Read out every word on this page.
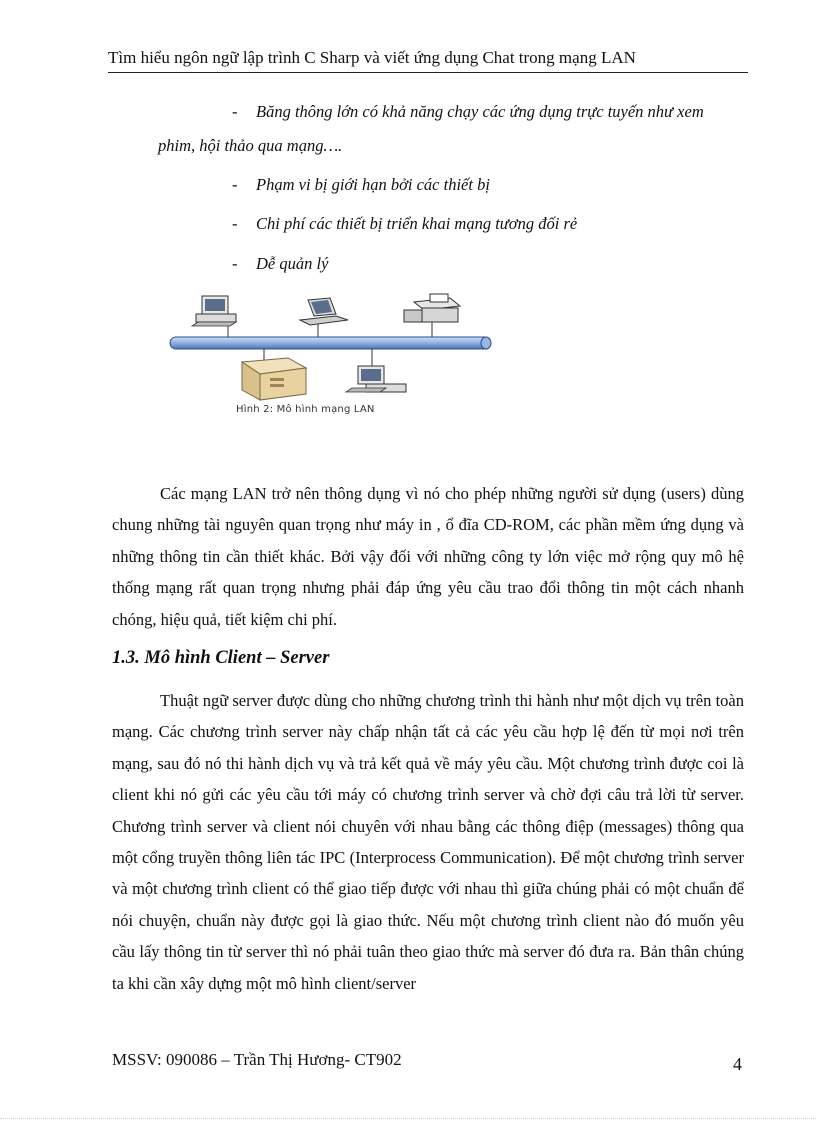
Tìm hiểu ngôn ngữ lập trình C Sharp và viết ứng dụng Chat trong mạng LAN
- Băng thông lớn có khả năng chạy các ứng dụng trực tuyến như xem
phim, hội thảo qua mạng….
- Phạm vi bị giới hạn bởi các thiết bị
- Chi phí các thiết bị triển khai mạng tương đối rẻ
- Dễ quản lý
Hình 2: Mô hình mạng LAN

Các mạng LAN trở nên thông dụng vì nó cho phép những người sử dụng (users) dùng chung những tài nguyên quan trọng như máy in , ổ đĩa CD-ROM, các phần mềm ứng dụng và những thông tin cần thiết khác. Bởi vậy đối với những công ty lớn việc mở rộng quy mô hệ thống mạng rất quan trọng nhưng phải đáp ứng yêu cầu trao đổi thông tin một cách nhanh chóng, hiệu quả, tiết kiệm chi phí.

1.3. Mô hình Client – Server

Thuật ngữ server được dùng cho những chương trình thi hành như một dịch vụ trên toàn mạng. Các chương trình server này chấp nhận tất cả các yêu cầu hợp lệ đến từ mọi nơi trên mạng, sau đó nó thi hành dịch vụ và trả kết quả về máy yêu cầu. Một chương trình được coi là client khi nó gửi các yêu cầu tới máy có chương trình server và chờ đợi câu trả lời từ server. Chương trình server và client nói chuyên với nhau bằng các thông điệp (messages) thông qua một cổng truyền thông liên tác IPC (Interprocess Communication). Để một chương trình server và một chương trình client có thể giao tiếp được với nhau thì giữa chúng phải có một chuẩn để nói chuyện, chuẩn này được gọi là giao thức. Nếu một chương trình client nào đó muốn yêu cầu lấy thông tin từ server thì nó phải tuân theo giao thức mà server đó đưa ra. Bản thân chúng ta khi cần xây dựng một mô hình client/server

MSSV: 090086 – Trần Thị Hương- CT902	4
